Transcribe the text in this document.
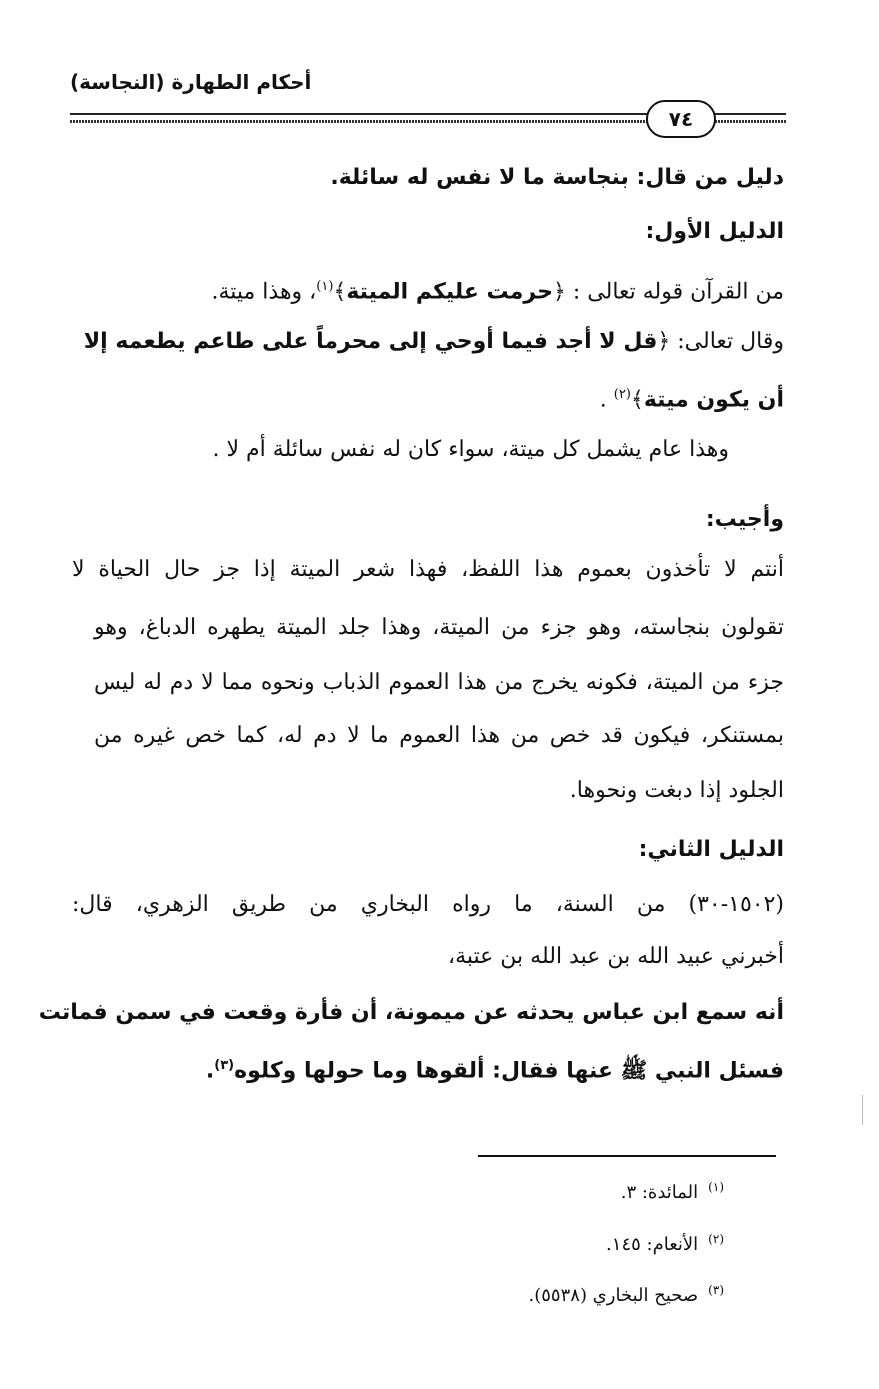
أحكام الطهارة (النجاسة)
٧٤
دليل من قال: بنجاسة ما لا نفس له سائلة.
الدليل الأول:
من القرآن قوله تعالى : ﴿حرمت عليكم الميتة﴾$^{(١)}$، وهذا ميتة.
وقال تعالى: ﴿قل لا أجد فيما أوحي إلى محرماً على طاعم يطعمه إلا
أن يكون ميتة﴾$^{(٢)}$ .
وهذا عام يشمل كل ميتة، سواء كان له نفس سائلة أم لا .
وأجيب:
أنتم لا تأخذون بعموم هذا اللفظ، فهذا شعر الميتة إذا جز حال الحياة لا
تقولون بنجاسته، وهو جزء من الميتة، وهذا جلد الميتة يطهره الدباغ، وهو
جزء من الميتة، فكونه يخرج من هذا العموم الذباب ونحوه مما لا دم له ليس
بمستنكر، فيكون قد خص من هذا العموم ما لا دم له، كما خص غيره من
الجلود إذا دبغت ونحوها.
الدليل الثاني:
(١٥٠٢-٣٠) من السنة، ما رواه البخاري من طريق الزهري، قال:
أخبرني عبيد الله بن عبد الله بن عتبة،
أنه سمع ابن عباس يحدثه عن ميمونة، أن فأرة وقعت في سمن فماتت
فسئل النبي ﷺ عنها فقال: ألقوها وما حولها وكلوه$^{(٣)}$.
$^{(١)}$المائدة: ٣.
$^{(٢)}$الأنعام: ١٤٥.
$^{(٣)}$صحيح البخاري (٥٥٣٨).
